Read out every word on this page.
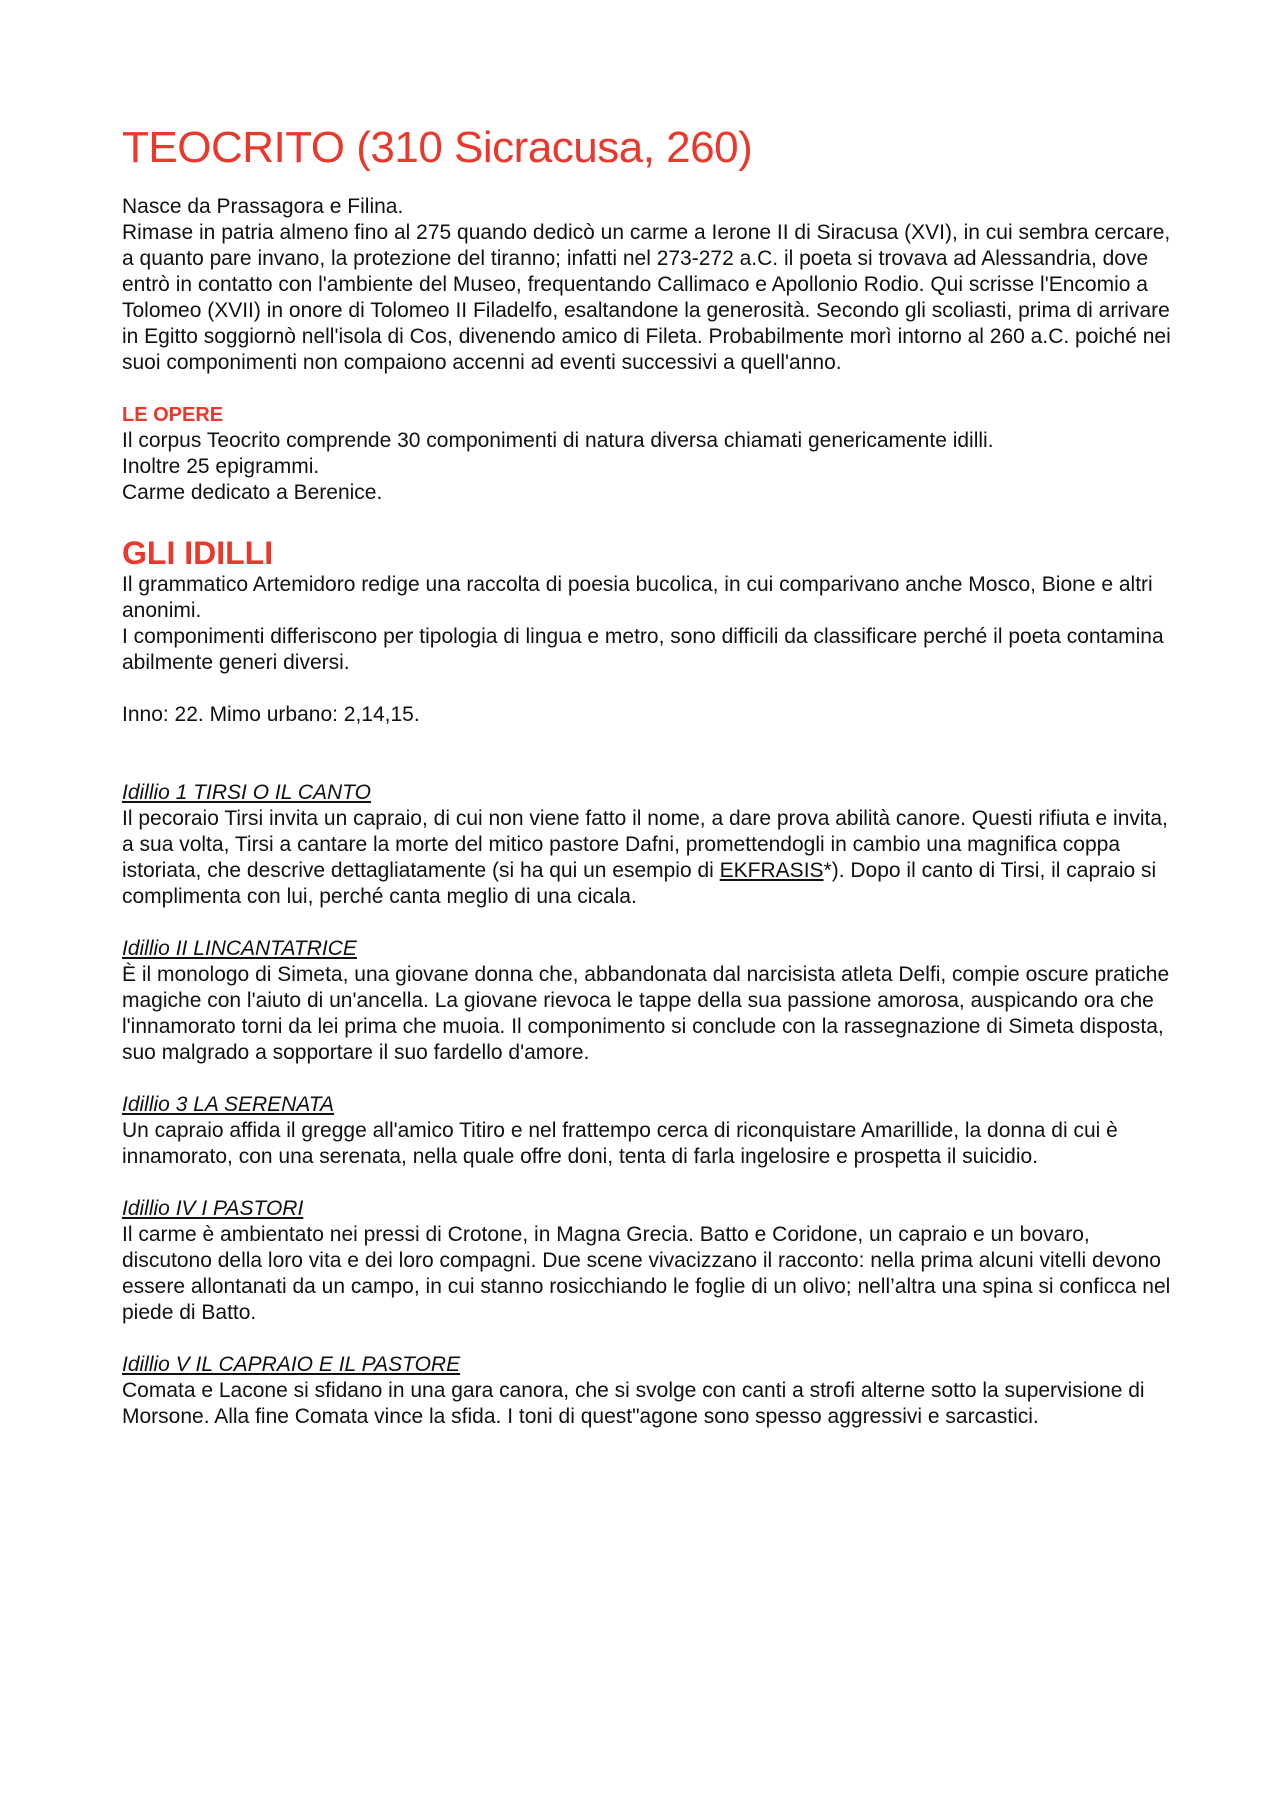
TEOCRITO (310 Sicracusa, 260)

Nasce da Prassagora e Filina.

Rimase in patria almeno fino al 275 quando dedicò un carme a Ierone II di Siracusa (XVI), in cui sembra cercare, a quanto pare invano, la protezione del tiranno; infatti nel 273-272 a.C. il poeta si trovava ad Alessandria, dove entrò in contatto con l'ambiente del Museo, frequentando Callimaco e Apollonio Rodio. Qui scrisse l'Encomio a Tolomeo (XVII) in onore di Tolomeo II Filadelfo, esaltandone la generosità. Secondo gli scoliasti, prima di arrivare in Egitto soggiornò nell'isola di Cos, divenendo amico di Fileta. Probabilmente morì intorno al 260 a.C. poiché nei suoi componimenti non compaiono accenni ad eventi successivi a quell'anno.

LE OPERE

Il corpus Teocrito comprende 30 componimenti di natura diversa chiamati genericamente idilli.

Inoltre 25 epigrammi.

Carme dedicato a Berenice.

GLI IDILLI

Il grammatico Artemidoro redige una raccolta di poesia bucolica, in cui comparivano anche Mosco, Bione e altri anonimi.

I componimenti differiscono per tipologia di lingua e metro, sono difficili da classificare perché il poeta contamina abilmente generi diversi.

Inno: 22. Mimo urbano: 2,14,15.

Idillio 1 TIRSI O IL CANTO

Il pecoraio Tirsi invita un capraio, di cui non viene fatto il nome, a dare prova abilità canore. Questi rifiuta e invita, a sua volta, Tirsi a cantare la morte del mitico pastore Dafni, promettendogli in cambio una magnifica coppa istoriata, che descrive dettagliatamente (si ha qui un esempio di EKFRASIS*). Dopo il canto di Tirsi, il capraio si complimenta con lui, perché canta meglio di una cicala.

Idillio II LINCANTATRICE

È il monologo di Simeta, una giovane donna che, abbandonata dal narcisista atleta Delfi, compie oscure pratiche magiche con l'aiuto di un'ancella. La giovane rievoca le tappe della sua passione amorosa, auspicando ora che l'innamorato torni da lei prima che muoia. Il componimento si conclude con la rassegnazione di Simeta disposta, suo malgrado a sopportare il suo fardello d'amore.

Idillio 3 LA SERENATA

Un capraio affida il gregge all'amico Titiro e nel frattempo cerca di riconquistare Amarillide, la donna di cui è innamorato, con una serenata, nella quale offre doni, tenta di farla ingelosire e prospetta il suicidio.

Idillio IV I PASTORI

Il carme è ambientato nei pressi di Crotone, in Magna Grecia. Batto e Coridone, un capraio e un bovaro, discutono della loro vita e dei loro compagni. Due scene vivacizzano il racconto: nella prima alcuni vitelli devono essere allontanati da un campo, in cui stanno rosicchiando le foglie di un olivo; nell’altra una spina si conficca nel piede di Batto.

Idillio V IL CAPRAIO E IL PASTORE

Comata e Lacone si sfidano in una gara canora, che si svolge con canti a strofi alterne sotto la supervisione di Morsone. Alla fine Comata vince la sfida. I toni di quest"agone sono spesso aggressivi e sarcastici.
